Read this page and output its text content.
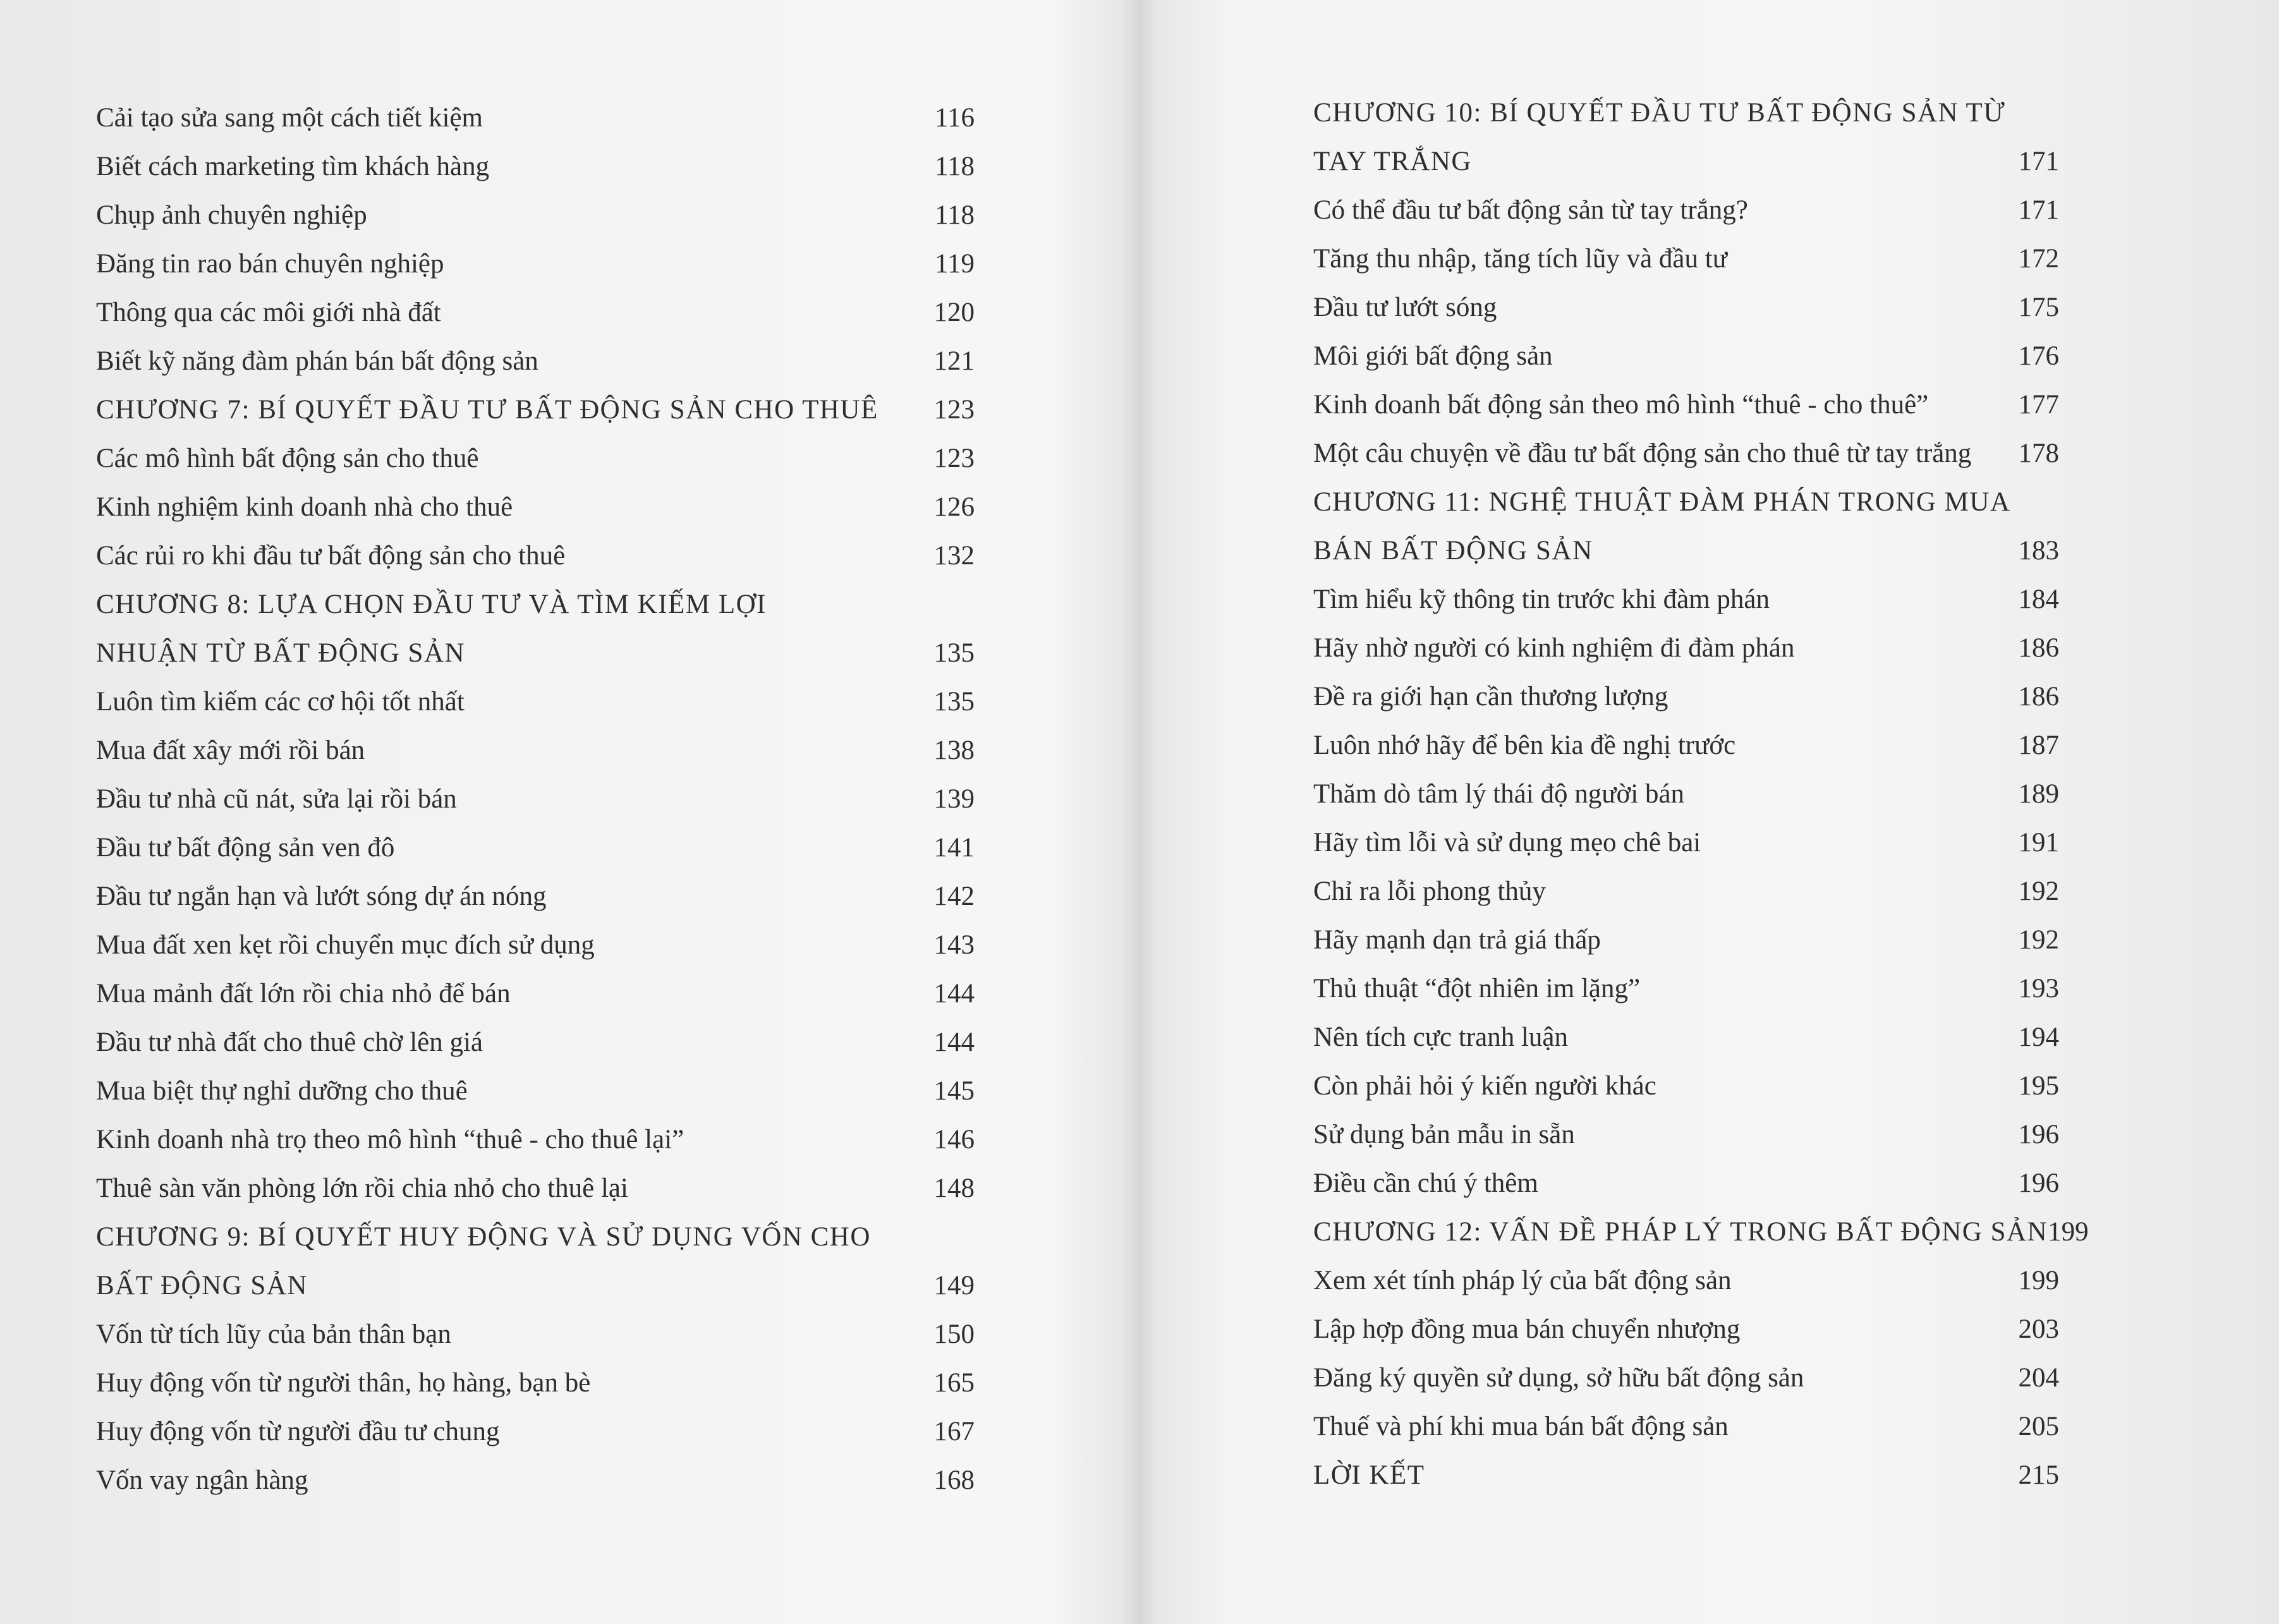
Cải tạo sửa sang một cách tiết kiệm	116
Biết cách marketing tìm khách hàng	118
Chụp ảnh chuyên nghiệp	118
Đăng tin rao bán chuyên nghiệp	119
Thông qua các môi giới nhà đất	120
Biết kỹ năng đàm phán bán bất động sản	121
CHƯƠNG 7: BÍ QUYẾT ĐẦU TƯ BẤT ĐỘNG SẢN CHO THUÊ 123
Các mô hình bất động sản cho thuê	123
Kinh nghiệm kinh doanh nhà cho thuê	126
Các rủi ro khi đầu tư bất động sản cho thuê	132
CHƯƠNG 8: LỰA CHỌN ĐẦU TƯ VÀ TÌM KIẾM LỢI NHUẬN TỪ BẤT ĐỘNG SẢN	135
Luôn tìm kiếm các cơ hội tốt nhất	135
Mua đất xây mới rồi bán	138
Đầu tư nhà cũ nát, sửa lại rồi bán	139
Đầu tư bất động sản ven đô	141
Đầu tư ngắn hạn và lướt sóng dự án nóng	142
Mua đất xen kẹt rồi chuyển mục đích sử dụng	143
Mua mảnh đất lớn rồi chia nhỏ để bán	144
Đầu tư nhà đất cho thuê chờ lên giá	144
Mua biệt thự nghỉ dưỡng cho thuê	145
Kinh doanh nhà trọ theo mô hình “thuê - cho thuê lại”	146
Thuê sàn văn phòng lớn rồi chia nhỏ cho thuê lại	148
CHƯƠNG 9: BÍ QUYẾT HUY ĐỘNG VÀ SỬ DỤNG VỐN CHO BẤT ĐỘNG SẢN	149
Vốn từ tích lũy của bản thân bạn	150
Huy động vốn từ người thân, họ hàng, bạn bè	165
Huy động vốn từ người đầu tư chung	167
Vốn vay ngân hàng	168
CHƯƠNG 10: BÍ QUYẾT ĐẦU TƯ BẤT ĐỘNG SẢN TỪ TAY TRẮNG	171
Có thể đầu tư bất động sản từ tay trắng?	171
Tăng thu nhập, tăng tích lũy và đầu tư	172
Đầu tư lướt sóng	175
Môi giới bất động sản	176
Kinh doanh bất động sản theo mô hình “thuê - cho thuê”	177
Một câu chuyện về đầu tư bất động sản cho thuê từ tay trắng 178
CHƯƠNG 11: NGHỆ THUẬT ĐÀM PHÁN TRONG MUA BÁN BẤT ĐỘNG SẢN	183
Tìm hiểu kỹ thông tin trước khi đàm phán	184
Hãy nhờ người có kinh nghiệm đi đàm phán	186
Đề ra giới hạn cần thương lượng	186
Luôn nhớ hãy để bên kia đề nghị trước	187
Thăm dò tâm lý thái độ người bán	189
Hãy tìm lỗi và sử dụng mẹo chê bai	191
Chỉ ra lỗi phong thủy	192
Hãy mạnh dạn trả giá thấp	192
Thủ thuật “đột nhiên im lặng”	193
Nên tích cực tranh luận	194
Còn phải hỏi ý kiến người khác	195
Sử dụng bản mẫu in sẵn	196
Điều cần chú ý thêm	196
CHƯƠNG 12: VẤN ĐỀ PHÁP LÝ TRONG BẤT ĐỘNG SẢN 199
Xem xét tính pháp lý của bất động sản	199
Lập hợp đồng mua bán chuyển nhượng	203
Đăng ký quyền sử dụng, sở hữu bất động sản	204
Thuế và phí khi mua bán bất động sản	205
LỜI KẾT	215
